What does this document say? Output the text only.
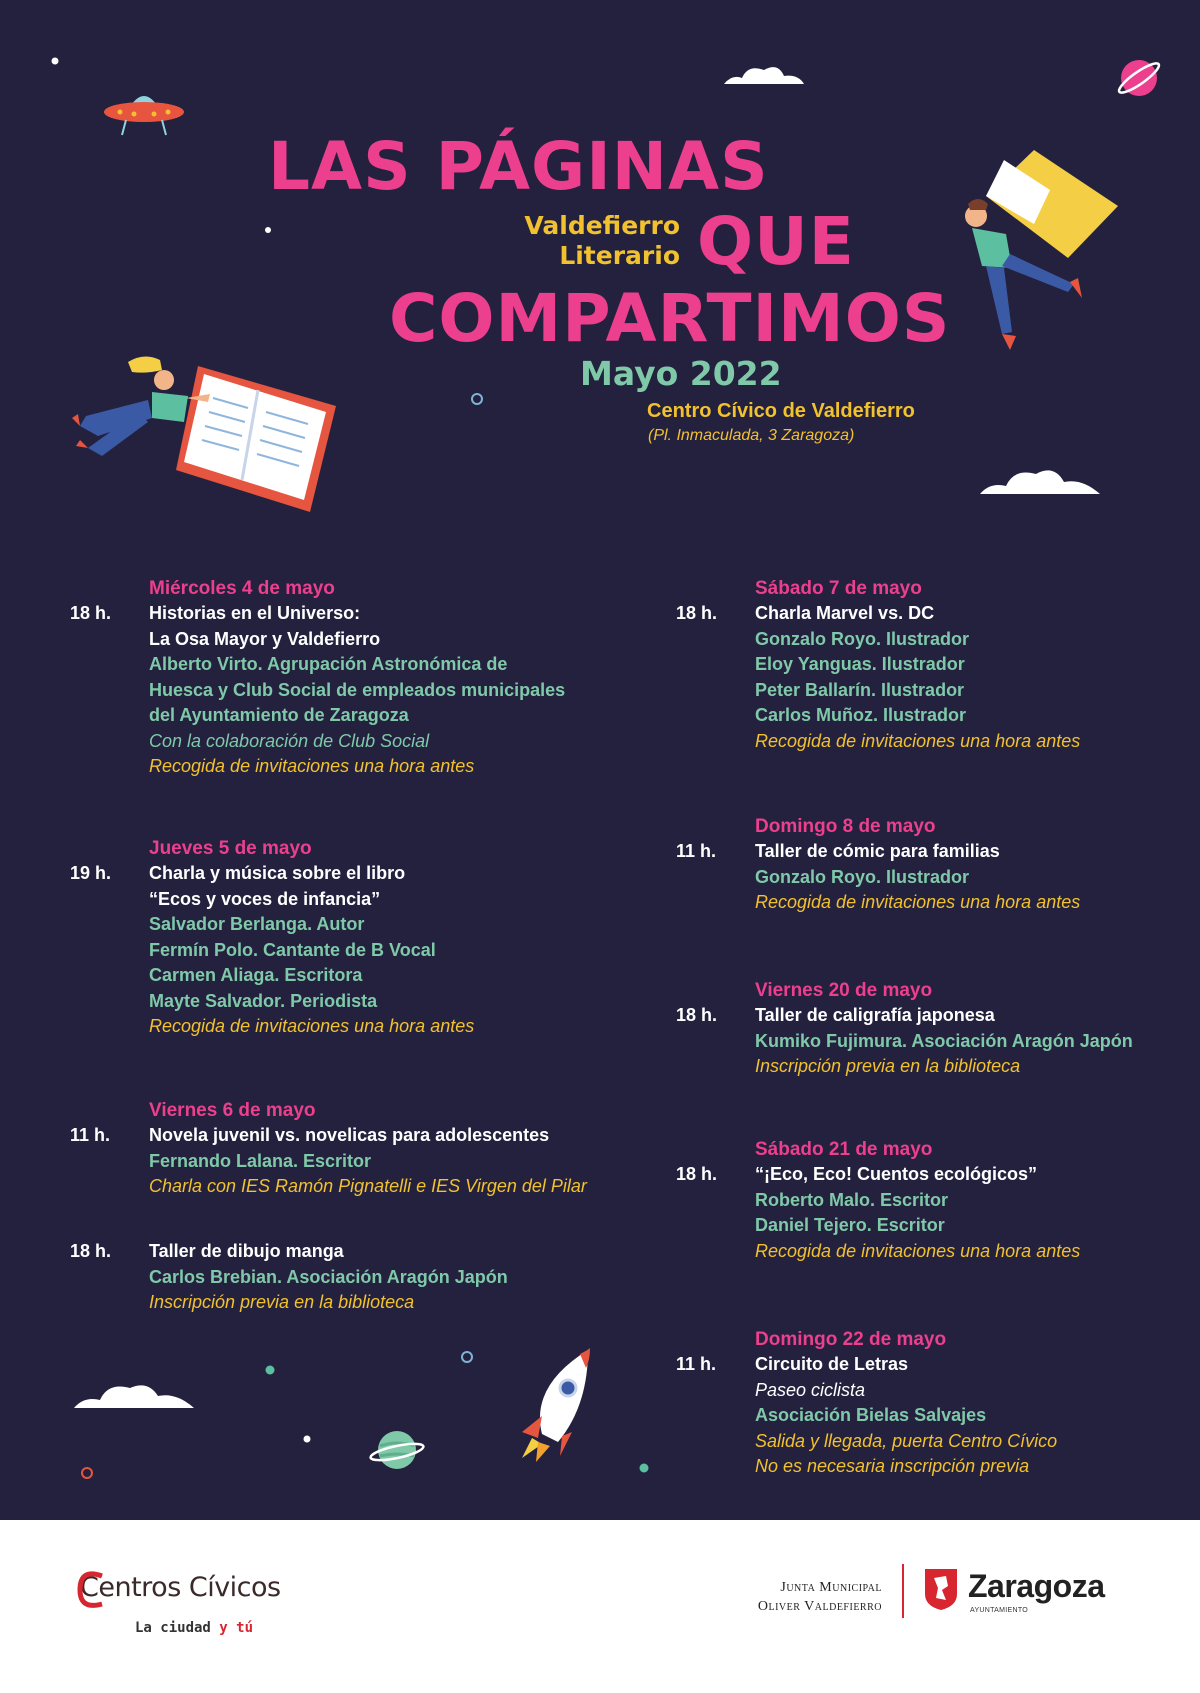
LAS PÁGINAS
Valdefierro
Literario QUE
COMPARTIMOS
Mayo 2022
Centro Cívico de Valdefierro
(Pl. Inmaculada, 3 Zaragoza)
Miércoles 4 de mayo
18 h.	Historias en el Universo:
La Osa Mayor y Valdefierro
Alberto Virto. Agrupación Astronómica de
Huesca y Club Social de empleados municipales
del Ayuntamiento de Zaragoza
Con la colaboración de Club Social
Recogida de invitaciones una hora antes
Jueves 5 de mayo
19 h.	Charla y música sobre el libro
“Ecos y voces de infancia”
Salvador Berlanga. Autor
Fermín Polo. Cantante de B Vocal
Carmen Aliaga. Escritora
Mayte Salvador. Periodista
Recogida de invitaciones una hora antes
Viernes 6 de mayo
11 h.	Novela juvenil vs. novelicas para adolescentes
Fernando Lalana. Escritor
Charla con IES Ramón Pignatelli e IES Virgen del Pilar
18 h.	Taller de dibujo manga
Carlos Brebian. Asociación Aragón Japón
Inscripción previa en la biblioteca
Sábado 7 de mayo
18 h.	Charla Marvel vs. DC
Gonzalo Royo. Ilustrador
Eloy Yanguas. Ilustrador
Peter Ballarín. Ilustrador
Carlos Muñoz. Ilustrador
Recogida de invitaciones una hora antes
Domingo 8 de mayo
11 h.	Taller de cómic para familias
Gonzalo Royo. Ilustrador
Recogida de invitaciones una hora antes
Viernes 20 de mayo
18 h.	Taller de caligrafía japonesa
Kumiko Fujimura. Asociación Aragón Japón
Inscripción previa en la biblioteca
Sábado 21 de mayo
18 h.	“¡Eco, Eco! Cuentos ecológicos”
Roberto Malo. Escritor
Daniel Tejero. Escritor
Recogida de invitaciones una hora antes
Domingo 22 de mayo
11 h.	Circuito de Letras
Paseo ciclista
Asociación Bielas Salvajes
Salida y llegada, puerta Centro Cívico
No es necesaria inscripción previa
Centros Cívicos
La ciudad y tú
Junta Municipal
Oliver Valdefierro
Zaragoza
AYUNTAMIENTO
